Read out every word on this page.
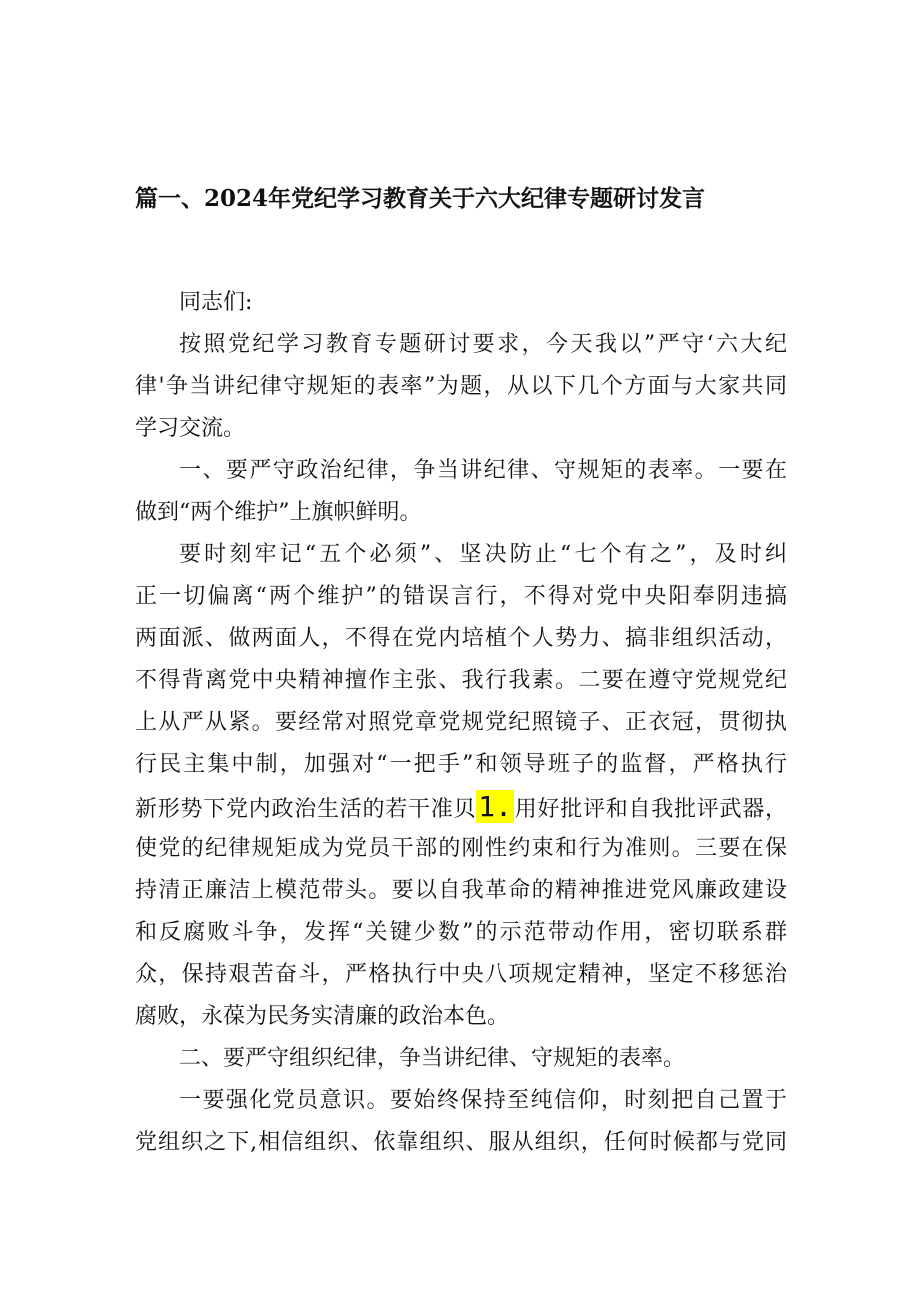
篇一、2024年党纪学习教育关于六大纪律专题研讨发言
同志们:
按照党纪学习教育专题研讨要求，今天我以”严守‘六大纪
律'争当讲纪律守规矩的表率”为题，从以下几个方面与大家共同
学习交流。
一、要严守政治纪律，争当讲纪律、守规矩的表率。一要在
做到“两个维护”上旗帜鲜明。
要时刻牢记“五个必须”、坚决防止“七个有之”，及时纠
正一切偏离“两个维护”的错误言行，不得对党中央阳奉阴违搞
两面派、做两面人，不得在党内培植个人势力、搞非组织活动，
不得背离党中央精神擅作主张、我行我素。二要在遵守党规党纪
上从严从紧。要经常对照党章党规党纪照镜子、正衣冠，贯彻执
行民主集中制，加强对“一把手”和领导班子的监督，严格执行
新形势下党内政治生活的若干准贝1.用好批评和自我批评武器，
使党的纪律规矩成为党员干部的刚性约束和行为准则。三要在保
持清正廉洁上模范带头。要以自我革命的精神推进党风廉政建设
和反腐败斗争，发挥“关键少数”的示范带动作用，密切联系群
众，保持艰苦奋斗，严格执行中央八项规定精神，坚定不移惩治
腐败，永葆为民务实清廉的政治本色。
二、要严守组织纪律，争当讲纪律、守规矩的表率。
一要强化党员意识。要始终保持至纯信仰，时刻把自己置于
党组织之下,相信组织、依靠组织、服从组织，任何时候都与党同
